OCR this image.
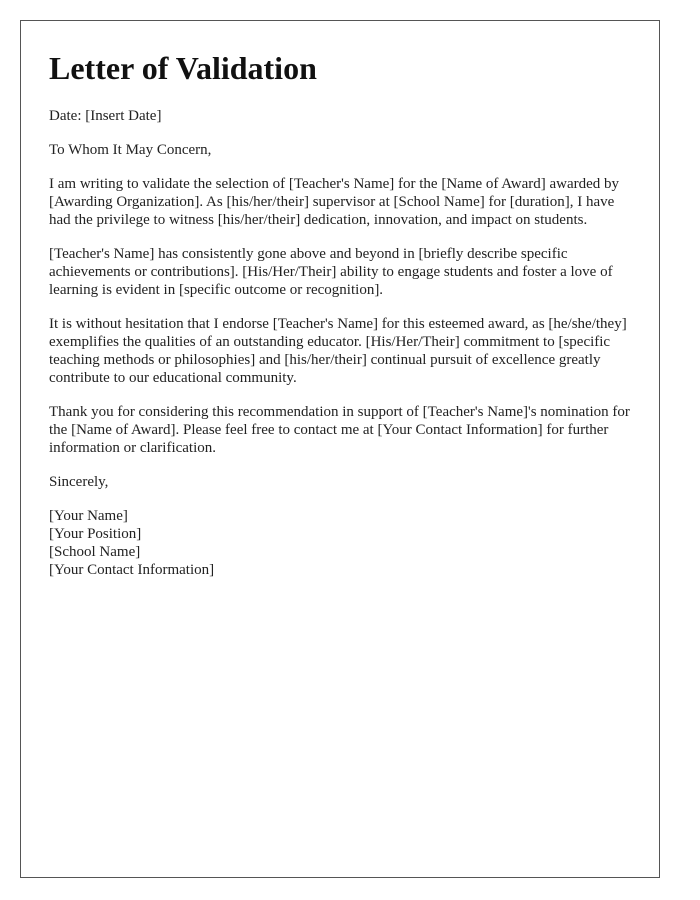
Letter of Validation

Date: [Insert Date]

To Whom It May Concern,

I am writing to validate the selection of [Teacher's Name] for the [Name of Award] awarded by [Awarding Organization]. As [his/her/their] supervisor at [School Name] for [duration], I have had the privilege to witness [his/her/their] dedication, innovation, and impact on students.

[Teacher's Name] has consistently gone above and beyond in [briefly describe specific achievements or contributions]. [His/Her/Their] ability to engage students and foster a love of learning is evident in [specific outcome or recognition].

It is without hesitation that I endorse [Teacher's Name] for this esteemed award, as [he/she/they] exemplifies the qualities of an outstanding educator. [His/Her/Their] commitment to [specific teaching methods or philosophies] and [his/her/their] continual pursuit of excellence greatly contribute to our educational community.

Thank you for considering this recommendation in support of [Teacher's Name]'s nomination for the [Name of Award]. Please feel free to contact me at [Your Contact Information] for further information or clarification.

Sincerely,

[Your Name]
[Your Position]
[School Name]
[Your Contact Information]
